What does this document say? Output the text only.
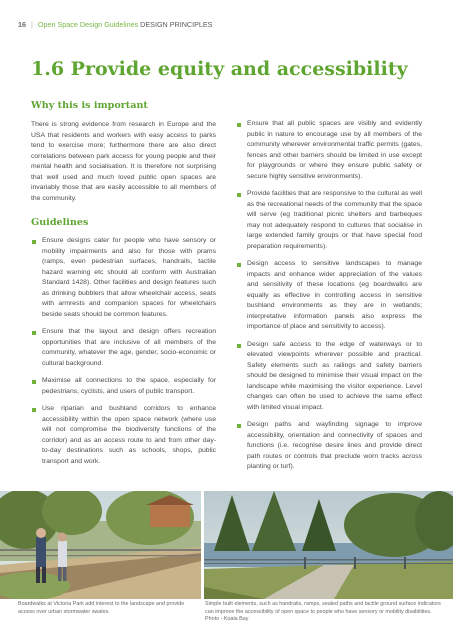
16 | Open Space Design Guidelines DESIGN PRINCIPLES
1.6 Provide equity and accessibility
Why this is important

There is strong evidence from research in Europe and the USA that residents and workers with easy access to parks tend to exercise more; furthermore there are also direct correlations between park access for young people and their mental health and socialisation. It is therefore not surprising that well used and much loved public open spaces are invariably those that are easily accessible to all members of the community.

Guidelines
Ensure designs cater for people who have sensory or mobility impairments and also for those with prams (ramps, even pedestrian surfaces, handrails, tactile hazard warning etc should all conform with Australian Standard 1428). Other facilities and design features such as drinking bubblers that allow wheelchair access, seats with armrests and companion spaces for wheelchairs beside seats should be common features.
Ensure that the layout and design offers recreation opportunities that are inclusive of all members of the community, whatever the age, gender, socio-economic or cultural background.
Maximise all connections to the space, especially for pedestrians, cyclists, and users of public transport.
Use riparian and bushland corridors to enhance accessibility within the open space network (where use will not compromise the biodiversity functions of the corridor) and as an access route to and from other day-to-day destinations such as schools, shops, public transport and work.
Ensure that all public spaces are visibly and evidently public in nature to encourage use by all members of the community wherever environmental traffic permits (gates, fences and other barriers should be limited in use except for playgrounds or where they ensure public safety or secure highly sensitive environments).
Provide facilities that are responsive to the cultural as well as the recreational needs of the community that the space will serve (eg traditional picnic shelters and barbeques may not adequately respond to cultures that socialise in large extended family groups or that have special food preparation requirements).
Design access to sensitive landscapes to manage impacts and enhance wider appreciation of the values and sensitivity of these locations (eg boardwalks are equally as effective in controlling access in sensitive bushland environments as they are in wetlands; interpretative information panels also express the importance of place and sensitivity to access).
Design safe access to the edge of waterways or to elevated viewpoints wherever possible and practical. Safety elements such as railings and safety barriers should be designed to minimise their visual impact on the landscape while maximising the visitor experience. Level changes can often be used to achieve the same effect with limited visual impact.
Design paths and wayfinding signage to improve accessibility, orientation and connectivity of spaces and functions (i.e. recognise desire lines and provide direct path routes or controls that preclude worn tracks across planting or turf).
Boardwalks at Victoria Park add interest to the landscape and provide access over urban stormwater swales.
Simple built elements, such as handrails, ramps, sealed paths and tactile ground surface indicators can improve the accessibility of open space to people who have sensory or mobility disabilities. Photo - Koala Bay
